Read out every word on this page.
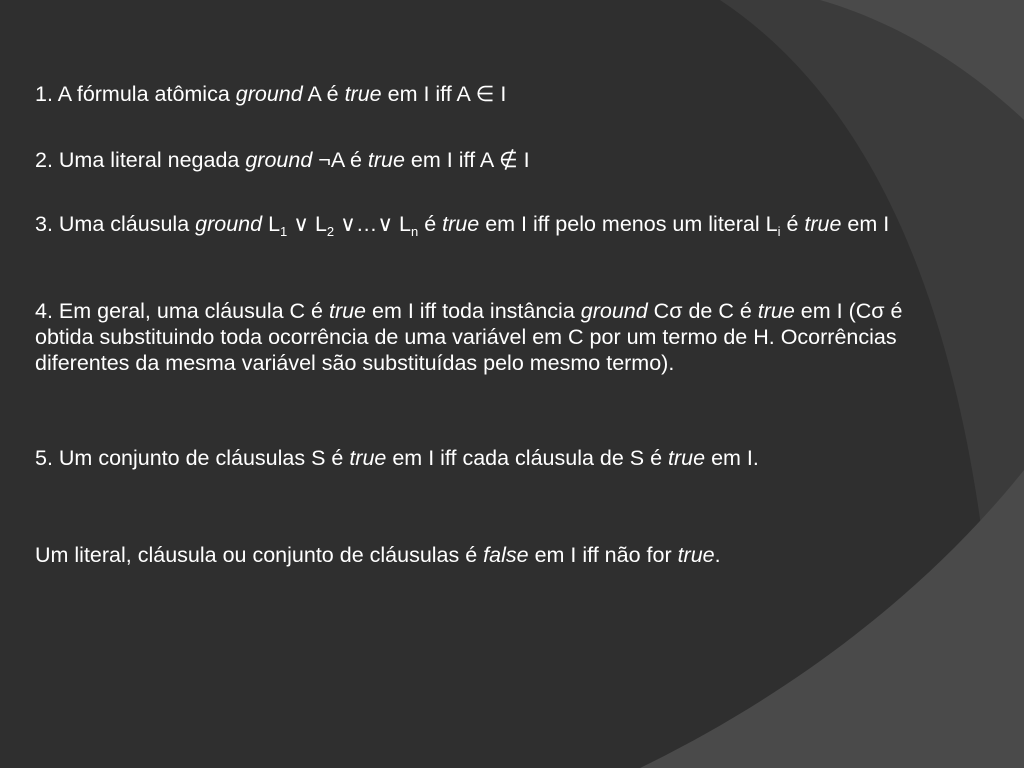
1. A fórmula atômica ground A é true em I iff A ∈ I

2. Uma literal negada ground ¬A é true em I iff A ∉ I

3. Uma cláusula ground $L_1$ ∨ $L_2$ ∨…∨ $L_n$ é true em I iff pelo menos um literal $L_i$ é true em I

4. Em geral, uma cláusula C é true em I iff toda instância ground Cσ de C é true em I (Cσ é obtida substituindo toda ocorrência de uma variável em C por um termo de H. Ocorrências diferentes da mesma variável são substituídas pelo mesmo termo).

5. Um conjunto de cláusulas S é true em I iff cada cláusula de S é true em I.

Um literal, cláusula ou conjunto de cláusulas é false em I iff não for true.
